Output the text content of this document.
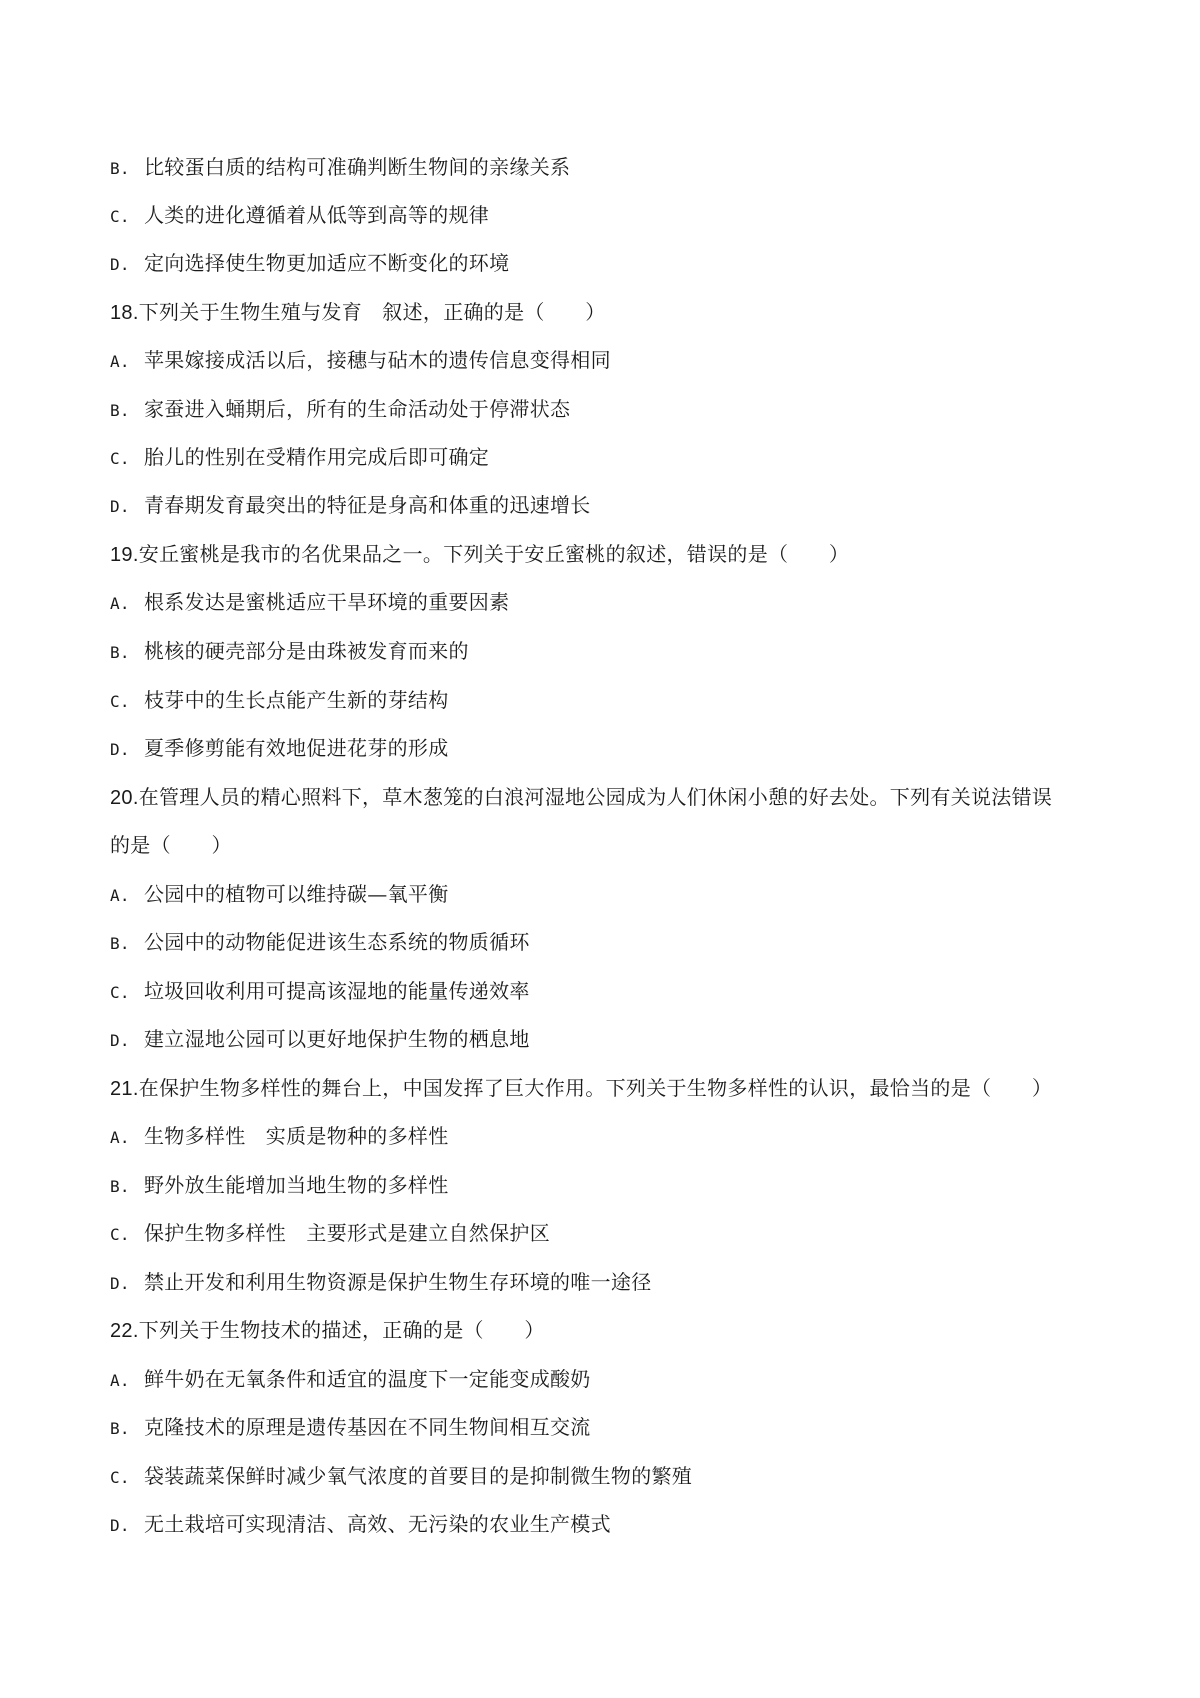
B. 比较蛋白质的结构可准确判断生物间的亲缘关系
C. 人类的进化遵循着从低等到高等的规律
D. 定向选择使生物更加适应不断变化的环境
18.下列关于生物生殖与发育　叙述，正确的是（　　）
A. 苹果嫁接成活以后，接穗与砧木的遗传信息变得相同
B. 家蚕进入蛹期后，所有的生命活动处于停滞状态
C. 胎儿的性别在受精作用完成后即可确定
D. 青春期发育最突出的特征是身高和体重的迅速增长
19.安丘蜜桃是我市的名优果品之一。下列关于安丘蜜桃的叙述，错误的是（　　）
A. 根系发达是蜜桃适应干旱环境的重要因素
B. 桃核的硬壳部分是由珠被发育而来的
C. 枝芽中的生长点能产生新的芽结构
D. 夏季修剪能有效地促进花芽的形成
20.在管理人员的精心照料下，草木葱笼的白浪河湿地公园成为人们休闲小憩的好去处。下列有关说法错误
的是（　　）
A. 公园中的植物可以维持碳—氧平衡
B. 公园中的动物能促进该生态系统的物质循环
C. 垃圾回收利用可提高该湿地的能量传递效率
D. 建立湿地公园可以更好地保护生物的栖息地
21.在保护生物多样性的舞台上，中国发挥了巨大作用。下列关于生物多样性的认识，最恰当的是（　　）
A. 生物多样性　实质是物种的多样性
B. 野外放生能增加当地生物的多样性
C. 保护生物多样性　主要形式是建立自然保护区
D. 禁止开发和利用生物资源是保护生物生存环境的唯一途径
22.下列关于生物技术的描述，正确的是（　　）
A. 鲜牛奶在无氧条件和适宜的温度下一定能变成酸奶
B. 克隆技术的原理是遗传基因在不同生物间相互交流
C. 袋装蔬菜保鲜时减少氧气浓度的首要目的是抑制微生物的繁殖
D. 无土栽培可实现清洁、高效、无污染的农业生产模式
